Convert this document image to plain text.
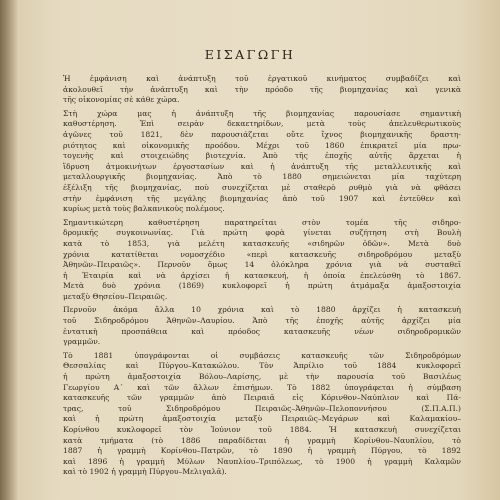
ΕΙΣΑΓΩΓΗ
Ἡ ἐμφάνιση καὶ ἀνάπτυξη τοῦ ἐργατικοῦ κινήματος συμβαδίζει καὶ
ἀκολουθεῖ τὴν ἀνάπτυξη καὶ τὴν πρόοδο τῆς βιομηχανίας καὶ γενικὰ
τῆς οἰκονομίας σὲ κάθε χώρα.
Στὴ χώρα μας ἡ ἀνάπτυξη τῆς βιομηχανίας παρουσίασε σημαντικὴ
καθυστέρηση. Ἐπὶ σειρὰν δεκαετηρίδων, μετὰ τοὺς ἀπελευθερωτικοὺς
ἀγῶνες τοῦ 1821, δὲν παρουσιάζεται οὔτε ἴχνος βιομηχανικῆς δραστη-
ριότητος καὶ οἰκονομικῆς προόδου. Μέχρι τοῦ 1860 ἐπικρατεῖ μία πρω-
τογενὴς καὶ στοιχειώδης βιοτεχνία. Ἀπὸ τῆς ἐποχῆς αὐτῆς ἄρχεται ἡ
ἵδρυση ἀτμοκινήτων ἐργοστασίων καὶ ἡ ἀνάπτυξη τῆς μεταλλευτικῆς καὶ
μεταλλουργικῆς βιομηχανίας. Ἀπὸ τὸ 1880 σημειώνεται μία ταχύτερη
ἐξέλιξη τῆς βιομηχανίας, ποὺ συνεχίζεται μὲ σταθερὸ ρυθμὸ γιὰ νὰ φθάσει
στὴν ἐμφάνιση τῆς μεγάλης βιομηχανίας ἀπὸ τοῦ 1907 καὶ ἐντεῦθεν καὶ
κυρίως μετὰ τοὺς βαλκανικοὺς πολέμους.
Σημαντικώτερη καθυστέρηση παρατηρεῖται στὸν τομέα τῆς σιδηρο-
δρομικῆς συγκοινωνίας. Γιὰ πρώτη φορὰ γίνεται συζήτηση στὴ Βουλὴ
κατὰ τὸ 1853, γιὰ μελέτη κατασκευῆς «σιδηρῶν ὁδῶν». Μετὰ δυὸ
χρόνια κατατίθεται νομοσχέδιο «περὶ κατασκευῆς σιδηροδρόμου μεταξὺ
Ἀθηνῶν–Πειραιῶς». Περνοῦν ὅμως 14 ὁλόκληρα χρόνια γιὰ νὰ συσταθεῖ
ἡ Ἑταιρία καὶ νὰ ἀρχίσει ἡ κατασκευή, ἡ ὁποία ἐπελεύσθη τὸ 1867.
Μετὰ δυὸ χρόνια (1869) κυκλοφορεῖ ἡ πρώτη ἀτμάμαξα ἁμαξοστοιχία
μεταξὺ Θησείου–Πειραιῶς.
Περνοῦν ἀκόμα ἄλλα 10 χρόνια καὶ τὸ 1880 ἀρχίζει ἡ κατασκευὴ
τοῦ Σιδηροδρόμου Ἀθηνῶν–Λαυρίου. Ἀπὸ τῆς ἐποχῆς αὐτῆς ἀρχίζει μία
ἐντατικὴ προσπάθεια καὶ πρόοδος κατασκευῆς νέων σιδηροδρομικῶν
γραμμῶν.
Τὸ 1881 ὑπογράφονται οἱ συμβάσεις κατασκευῆς τῶν Σιδηροδρόμων
Θεσσαλίας καὶ Πύργου–Κατακώλου. Τὸν Ἀπρίλιο τοῦ 1884 κυκλοφορεῖ
ἡ πρώτη ἁμαξοστοιχία Βόλου–Λαρίσης, μὲ τὴν παρουσία τοῦ Βασιλέως
Γεωργίου Α΄ καὶ τῶν ἄλλων ἐπισήμων. Τὸ 1882 ὑπογράφεται ἡ σύμβαση
κατασκευῆς τῶν γραμμῶν ἀπὸ Πειραιᾶ εἰς Κόρινθον–Ναύπλιον καὶ Πά-
τρας, τοῦ Σιδηροδρόμου Πειραιῶς–Ἀθηνῶν–Πελοποννήσου (Σ.Π.Α.Π.)
καὶ ἡ πρώτη ἁμαξοστοιχία μεταξὺ Πειραιῶς–Μεγάρων καὶ Καλαμακίου–
Κορίνθου κυκλοφορεῖ τὸν Ἰούνιον τοῦ 1884. Ἡ κατασκευὴ συνεχίζεται
κατὰ τμήματα (τὸ 1886 παραδίδεται ἡ γραμμὴ Κορίνθου–Ναυπλίου, τὸ
1887 ἡ γραμμὴ Κορίνθου–Πατρῶν, τὸ 1890 ἡ γραμμὴ Πύργου, τὸ 1892
καὶ 1896 ἡ γραμμὴ Μύλων Ναυπλίου–Τριπόλεως, τὸ 1900 ἡ γραμμὴ Καλαμῶν
καὶ τὸ 1902 ἡ γραμμὴ Πύργου–Μελιγαλᾶ).
